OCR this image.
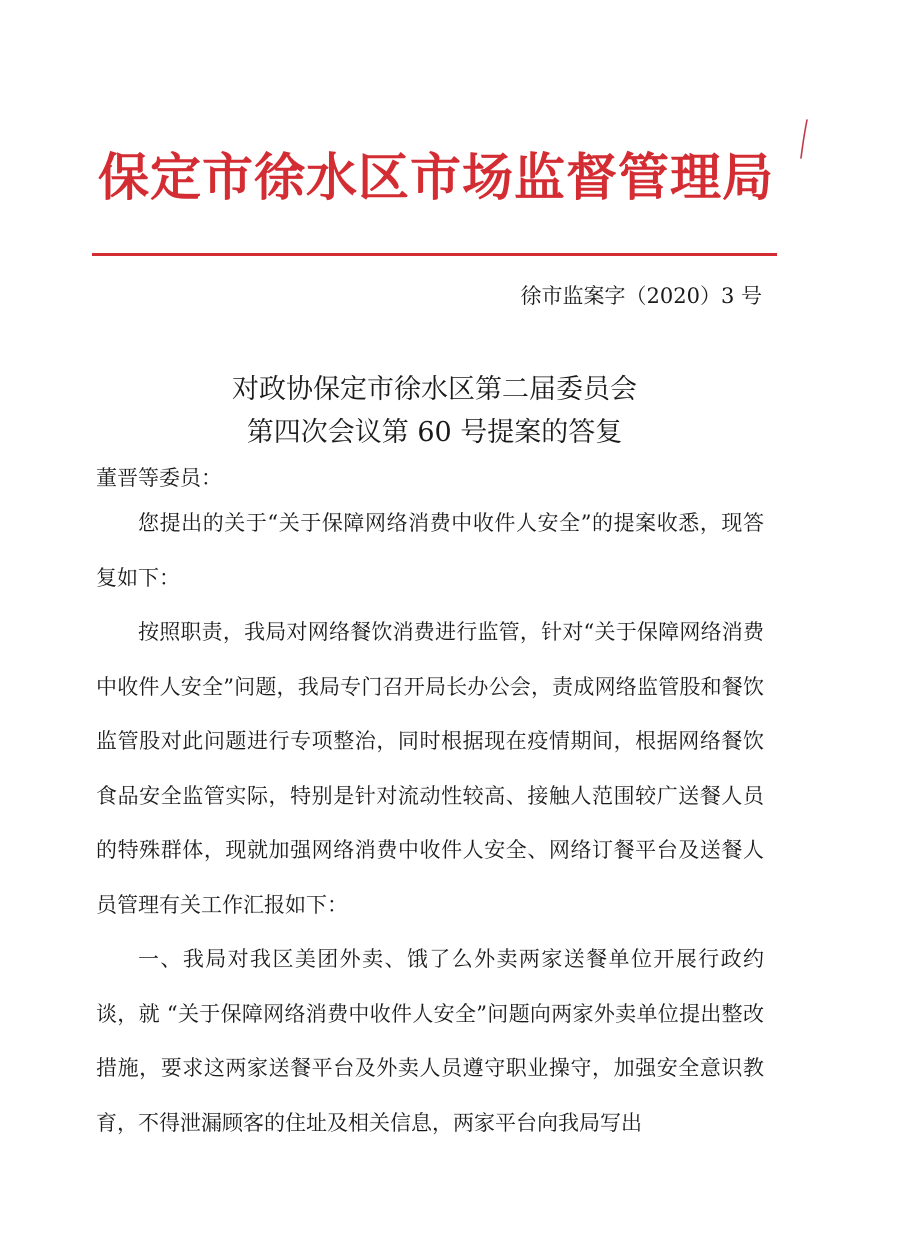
保定市徐水区市场监督管理局
徐市监案字（2020）3 号
对政协保定市徐水区第二届委员会
第四次会议第 60 号提案的答复
董晋等委员：

您提出的关于“关于保障网络消费中收件人安全”的提案收悉，现答复如下：

按照职责，我局对网络餐饮消费进行监管，针对“关于保障网络消费中收件人安全”问题，我局专门召开局长办公会，责成网络监管股和餐饮监管股对此问题进行专项整治，同时根据现在疫情期间，根据网络餐饮食品安全监管实际，特别是针对流动性较高、接触人范围较广送餐人员的特殊群体，现就加强网络消费中收件人安全、网络订餐平台及送餐人员管理有关工作汇报如下：

一、我局对我区美团外卖、饿了么外卖两家送餐单位开展行政约谈，就 “关于保障网络消费中收件人安全”问题向两家外卖单位提出整改措施，要求这两家送餐平台及外卖人员遵守职业操守，加强安全意识教育，不得泄漏顾客的住址及相关信息，两家平台向我局写出
